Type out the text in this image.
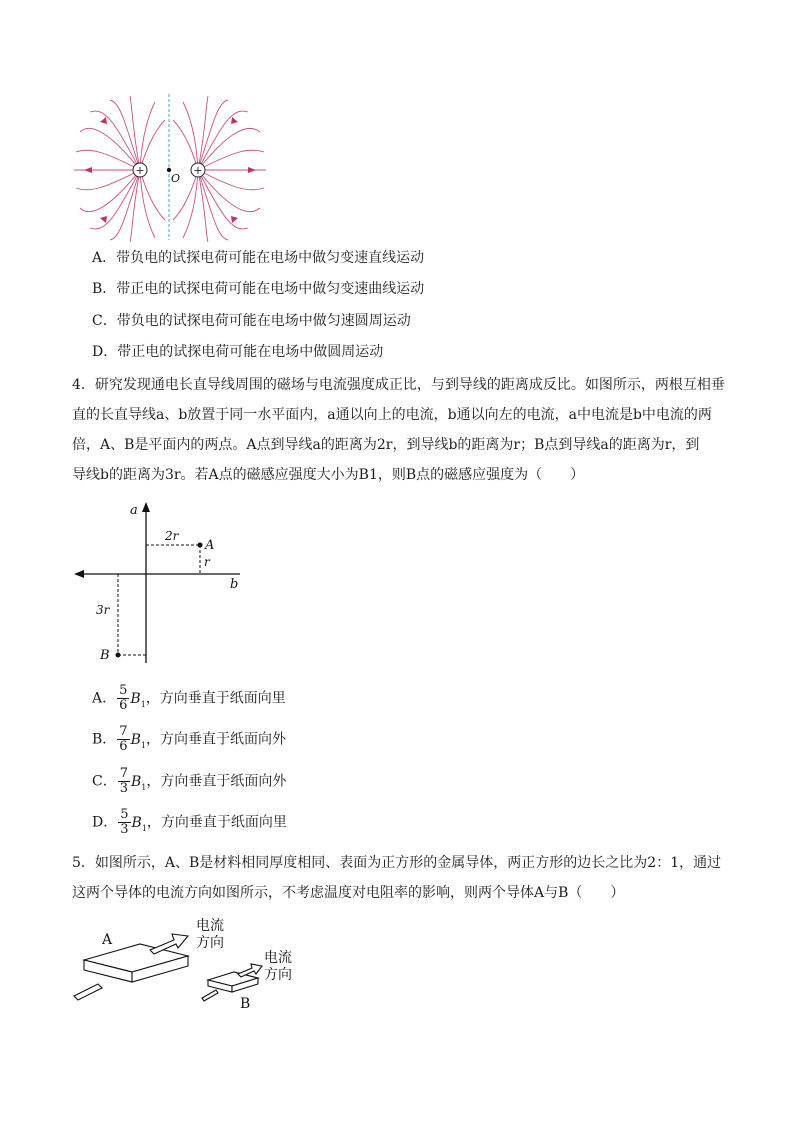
+	+
O
A．带负电的试探电荷可能在电场中做匀变速直线运动
B．带正电的试探电荷可能在电场中做匀变速曲线运动
C．带负电的试探电荷可能在电场中做匀速圆周运动
D．带正电的试探电荷可能在电场中做圆周运动
4．研究发现通电长直导线周围的磁场与电流强度成正比，与到导线的距离成反比。如图所示，两根互相垂
直的长直导线a、b放置于同一水平面内，a通以向上的电流，b通以向左的电流，a中电流是b中电流的两
倍，A、B是平面内的两点。A点到导线a的距离为2r，到导线b的距离为r；B点到导线a的距离为r，到
导线b的距离为3r。若A点的磁感应强度大小为B1，则B点的磁感应强度为（　　）
a
b
A
2r
r
B
3r
A． $\frac{5}{6} B_1$，方向垂直于纸面向里
B． $\frac{7}{6} B_1$，方向垂直于纸面向外
C． $\frac{7}{3} B_1$，方向垂直于纸面向外
D． $\frac{5}{3} B_1$，方向垂直于纸面向里
5．如图所示，A、B是材料相同厚度相同、表面为正方形的金属导体，两正方形的边长之比为2：1，通过
这两个导体的电流方向如图所示，不考虑温度对电阻率的影响，则两个导体A与B（　　）
A
电流
方向
B
电流
方向
